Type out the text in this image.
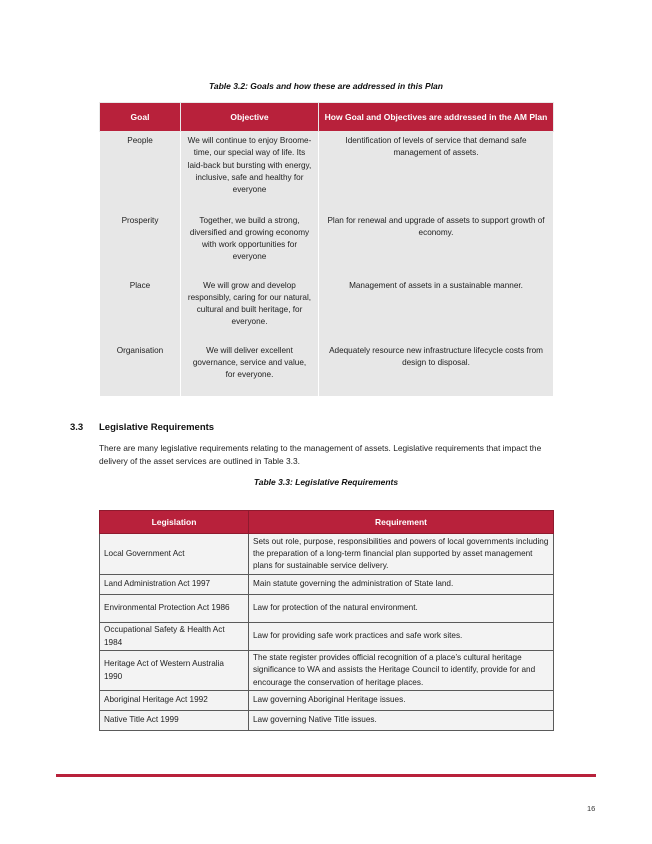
Table 3.2: Goals and how these are addressed in this Plan
Goal	Objective	How Goal and Objectives are addressed in the AM Plan
People	We will continue to enjoy Broome-time, our special way of life. Its laid-back but bursting with energy, inclusive, safe and healthy for everyone	Identification of levels of service that demand safe management of assets.
Prosperity	Together, we build a strong, diversified and growing economy with work opportunities for everyone	Plan for renewal and upgrade of assets to support growth of economy.
Place	We will grow and develop responsibly, caring for our natural, cultural and built heritage, for everyone.	Management of assets in a sustainable manner.
Organisation	We will deliver excellent governance, service and value, for everyone.	Adequately resource new infrastructure lifecycle costs from design to disposal.
3.3 Legislative Requirements
There are many legislative requirements relating to the management of assets. Legislative requirements that impact the delivery of the asset services are outlined in Table 3.3.
Table 3.3: Legislative Requirements
Legislation	Requirement
Local Government Act	Sets out role, purpose, responsibilities and powers of local governments including the preparation of a long-term financial plan supported by asset management plans for sustainable service delivery.
Land Administration Act 1997	Main statute governing the administration of State land.
Environmental Protection Act 1986	Law for protection of the natural environment.
Occupational Safety & Health Act 1984	Law for providing safe work practices and safe work sites.
Heritage Act of Western Australia 1990	The state register provides official recognition of a place’s cultural heritage significance to WA and assists the Heritage Council to identify, provide for and encourage the conservation of heritage places.
Aboriginal Heritage Act 1992	Law governing Aboriginal Heritage issues.
Native Title Act 1999	Law governing Native Title issues.
16
